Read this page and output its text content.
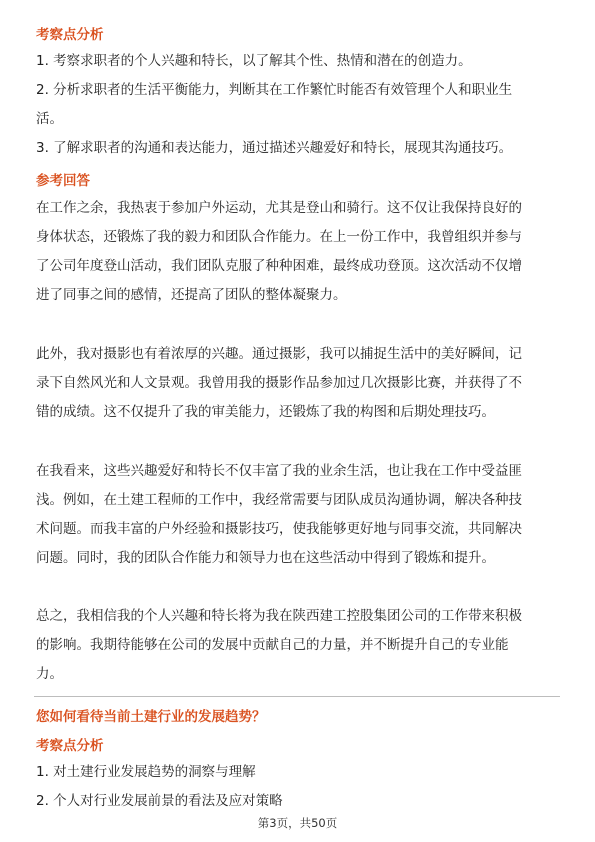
考察点分析
1. 考察求职者的个人兴趣和特长，以了解其个性、热情和潜在的创造力。
2. 分析求职者的生活平衡能力，判断其在工作繁忙时能否有效管理个人和职业生
活。
3. 了解求职者的沟通和表达能力，通过描述兴趣爱好和特长，展现其沟通技巧。
参考回答
在工作之余，我热衷于参加户外运动，尤其是登山和骑行。这不仅让我保持良好的
身体状态，还锻炼了我的毅力和团队合作能力。在上一份工作中，我曾组织并参与
了公司年度登山活动，我们团队克服了种种困难，最终成功登顶。这次活动不仅增
进了同事之间的感情，还提高了团队的整体凝聚力。
此外，我对摄影也有着浓厚的兴趣。通过摄影，我可以捕捉生活中的美好瞬间，记
录下自然风光和人文景观。我曾用我的摄影作品参加过几次摄影比赛，并获得了不
错的成绩。这不仅提升了我的审美能力，还锻炼了我的构图和后期处理技巧。
在我看来，这些兴趣爱好和特长不仅丰富了我的业余生活，也让我在工作中受益匪
浅。例如，在土建工程师的工作中，我经常需要与团队成员沟通协调，解决各种技
术问题。而我丰富的户外经验和摄影技巧，使我能够更好地与同事交流，共同解决
问题。同时，我的团队合作能力和领导力也在这些活动中得到了锻炼和提升。
总之，我相信我的个人兴趣和特长将为我在陕西建工控股集团公司的工作带来积极
的影响。我期待能够在公司的发展中贡献自己的力量，并不断提升自己的专业能
力。
您如何看待当前土建行业的发展趋势？
考察点分析
1. 对土建行业发展趋势的洞察与理解
2. 个人对行业发展前景的看法及应对策略
第3页，共50页
